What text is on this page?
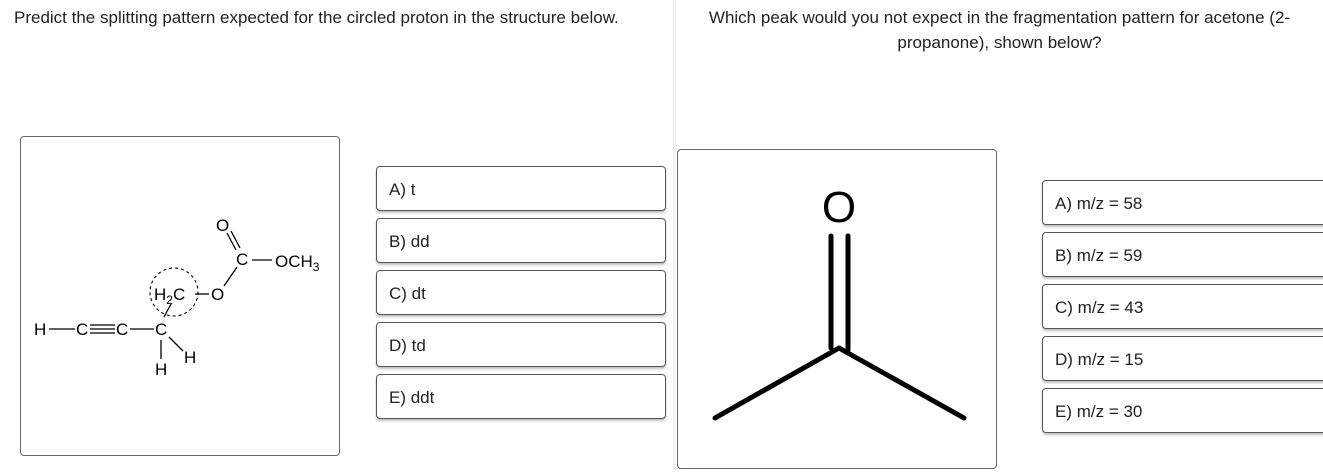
Predict the splitting pattern expected for the circled proton in the structure below.

O
C $OCH_3$
$H_2C$ O
H C C C
H
H
A) t
B) dd
C) dt
D) td
E) ddt

Which peak would you not expect in the fragmentation pattern for acetone (2-propanone), shown below?

O	A) m/z = 58
B) m/z = 59
C) m/z = 43
D) m/z = 15
E) m/z = 30
